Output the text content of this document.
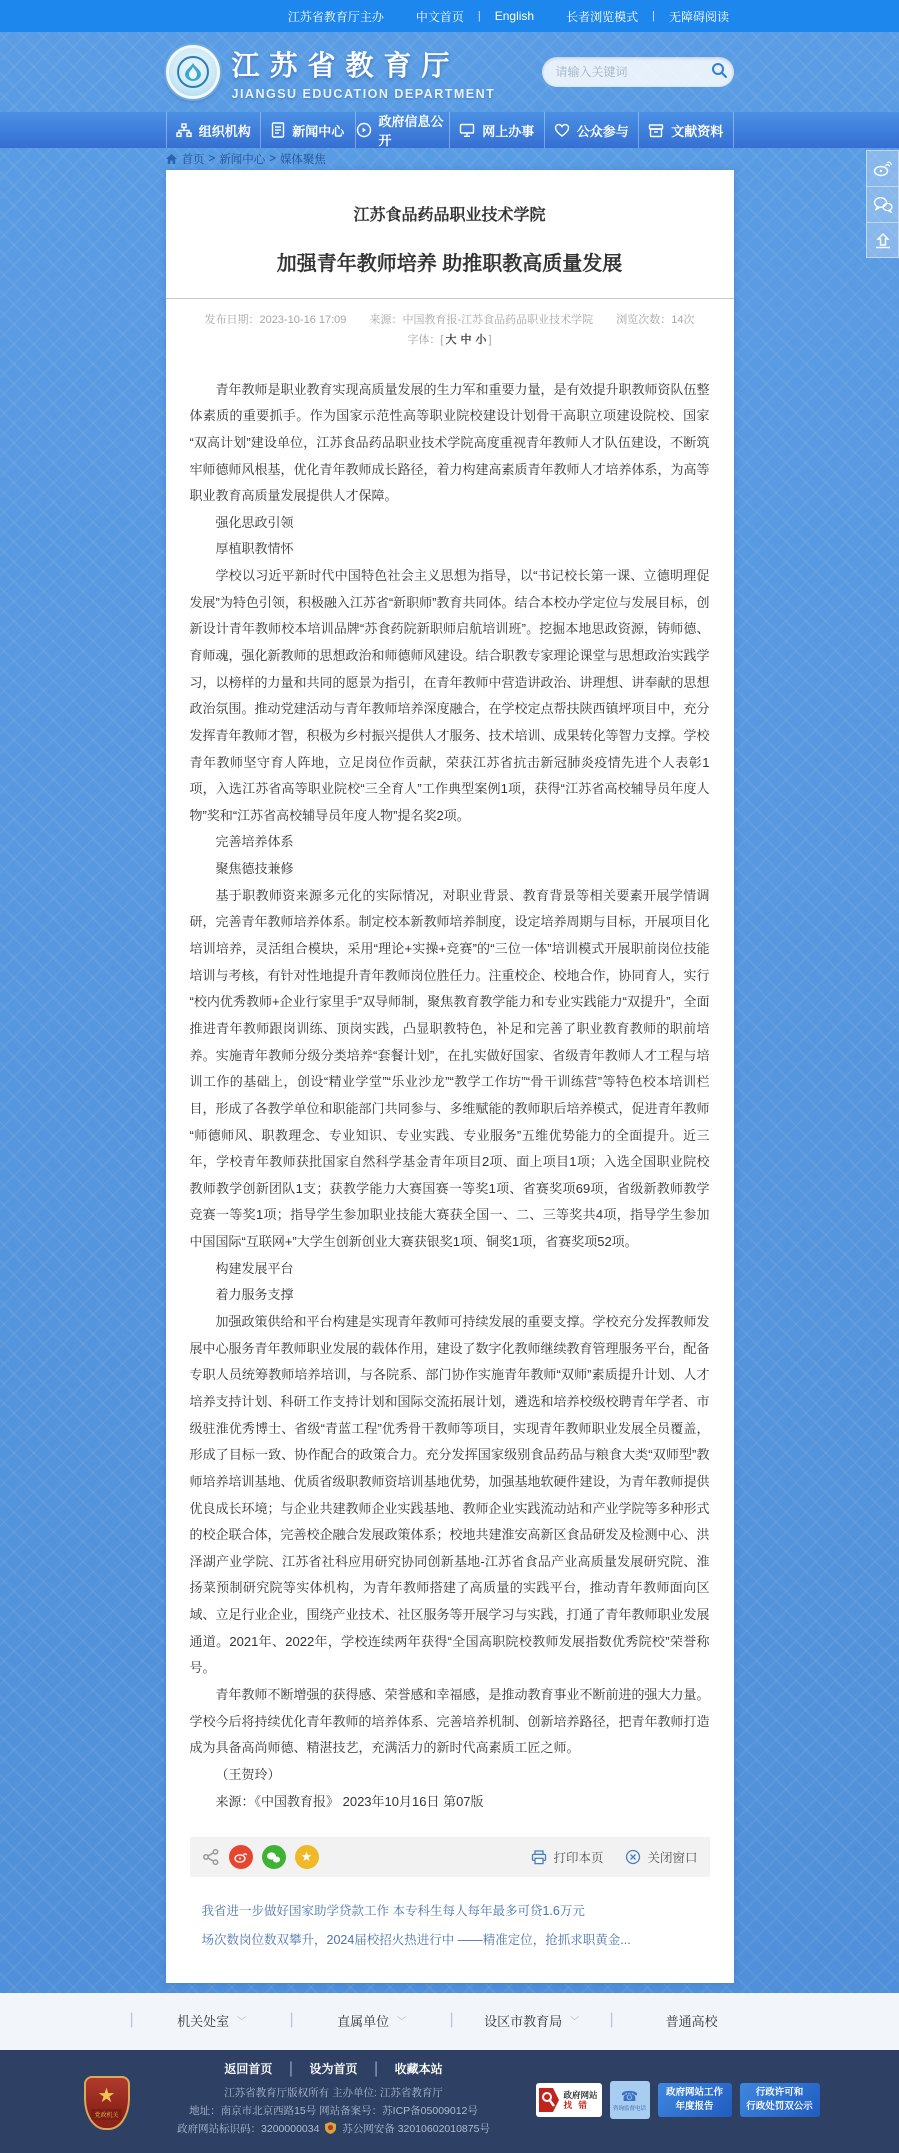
江苏省教育厅主办	中文首页 | English	长者浏览模式 | 无障碍阅读
江苏省教育厅
JIANGSU EDUCATION DEPARTMENT
请输入关键词
组织机构	新闻中心
政府信息公开
网上办事	公众参与	文献资料
首页 > 新闻中心 > 媒体聚焦
江苏食品药品职业技术学院
加强青年教师培养 助推职教高质量发展
发布日期：2023-10-16 17:09 来源：中国教育报-江苏食品药品职业技术学院 浏览次数：14次 字体：[ 大 中 小 ]

青年教师是职业教育实现高质量发展的生力军和重要力量，是有效提升职教师资队伍整体素质的重要抓手。作为国家示范性高等职业院校建设计划骨干高职立项建设院校、国家“双高计划”建设单位，江苏食品药品职业技术学院高度重视青年教师人才队伍建设，不断筑牢师德师风根基，优化青年教师成长路径，着力构建高素质青年教师人才培养体系，为高等职业教育高质量发展提供人才保障。

强化思政引领

厚植职教情怀

学校以习近平新时代中国特色社会主义思想为指导，以“书记校长第一课、立德明理促发展”为特色引领，积极融入江苏省“新职师”教育共同体。结合本校办学定位与发展目标，创新设计青年教师校本培训品牌“苏食药院新职师启航培训班”。挖掘本地思政资源，铸师德、育师魂，强化新教师的思想政治和师德师风建设。结合职教专家理论课堂与思想政治实践学习，以榜样的力量和共同的愿景为指引，在青年教师中营造讲政治、讲理想、讲奉献的思想政治氛围。推动党建活动与青年教师培养深度融合，在学校定点帮扶陕西镇坪项目中，充分发挥青年教师才智，积极为乡村振兴提供人才服务、技术培训、成果转化等智力支撑。学校青年教师坚守育人阵地，立足岗位作贡献，荣获江苏省抗击新冠肺炎疫情先进个人表彰1项，入选江苏省高等职业院校“三全育人”工作典型案例1项，获得“江苏省高校辅导员年度人物”奖和“江苏省高校辅导员年度人物”提名奖2项。

完善培养体系

聚焦德技兼修

基于职教师资来源多元化的实际情况，对职业背景、教育背景等相关要素开展学情调研，完善青年教师培养体系。制定校本新教师培养制度，设定培养周期与目标，开展项目化培训培养，灵活组合模块，采用“理论+实操+竞赛”的“三位一体”培训模式开展职前岗位技能培训与考核，有针对性地提升青年教师岗位胜任力。注重校企、校地合作，协同育人，实行“校内优秀教师+企业行家里手”双导师制，聚焦教育教学能力和专业实践能力“双提升”，全面推进青年教师跟岗训练、顶岗实践，凸显职教特色，补足和完善了职业教育教师的职前培养。实施青年教师分级分类培养“套餐计划”，在扎实做好国家、省级青年教师人才工程与培训工作的基础上，创设“精业学堂”“乐业沙龙”“教学工作坊”“骨干训练营”等特色校本培训栏目，形成了各教学单位和职能部门共同参与、多维赋能的教师职后培养模式，促进青年教师“师德师风、职教理念、专业知识、专业实践、专业服务”五维优势能力的全面提升。近三年，学校青年教师获批国家自然科学基金青年项目2项、面上项目1项；入选全国职业院校教师教学创新团队1支；获教学能力大赛国赛一等奖1项、省赛奖项69项，省级新教师教学竞赛一等奖1项；指导学生参加职业技能大赛获全国一、二、三等奖共4项，指导学生参加中国国际“互联网+”大学生创新创业大赛获银奖1项、铜奖1项，省赛奖项52项。

构建发展平台

着力服务支撑

加强政策供给和平台构建是实现青年教师可持续发展的重要支撑。学校充分发挥教师发展中心服务青年教师职业发展的载体作用，建设了数字化教师继续教育管理服务平台，配备专职人员统筹教师培养培训，与各院系、部门协作实施青年教师“双师”素质提升计划、人才培养支持计划、科研工作支持计划和国际交流拓展计划，遴选和培养校级校聘青年学者、市级驻淮优秀博士、省级“青蓝工程”优秀骨干教师等项目，实现青年教师职业发展全员覆盖，形成了目标一致、协作配合的政策合力。充分发挥国家级别食品药品与粮食大类“双师型”教师培养培训基地、优质省级职教师资培训基地优势，加强基地软硬件建设，为青年教师提供优良成长环境；与企业共建教师企业实践基地、教师企业实践流动站和产业学院等多种形式的校企联合体，完善校企融合发展政策体系；校地共建淮安高新区食品研发及检测中心、洪泽湖产业学院、江苏省社科应用研究协同创新基地-江苏省食品产业高质量发展研究院、淮扬菜预制研究院等实体机构，为青年教师搭建了高质量的实践平台，推动青年教师面向区域、立足行业企业，围绕产业技术、社区服务等开展学习与实践，打通了青年教师职业发展通道。2021年、2022年，学校连续两年获得“全国高职院校教师发展指数优秀院校”荣誉称号。

青年教师不断增强的获得感、荣誉感和幸福感，是推动教育事业不断前进的强大力量。学校今后将持续优化青年教师的培养体系、完善培养机制、创新培养路径，把青年教师打造成为具备高尚师德、精湛技艺，充满活力的新时代高素质工匠之师。

（王贺玲）

来源：《中国教育报》 2023年10月16日 第07版

★	打印本页	关闭窗口
我省进一步做好国家助学贷款工作 本专科生每人每年最多可贷1.6万元
场次数岗位数双攀升，2024届校招火热进行中 ——精准定位，抢抓求职黄金...
|	机关处室 ﹀	|	直属单位 ﹀	| 设区市教育局 ﹀ |	普通高校
★
党政机关
返回首页 | 设为首页 | 收藏本站
江苏省教育厅版权所有 主办单位: 江苏省教育厅
地址：南京市北京西路15号 网站备案号：苏ICP备05009012号
政府网站标识码：3200000034 苏公网安备 32010602010875号
政府网站
找 错
☎
咨询监督电话
政府网站工作
年度报告
行政许可和
行政处罚双公示
